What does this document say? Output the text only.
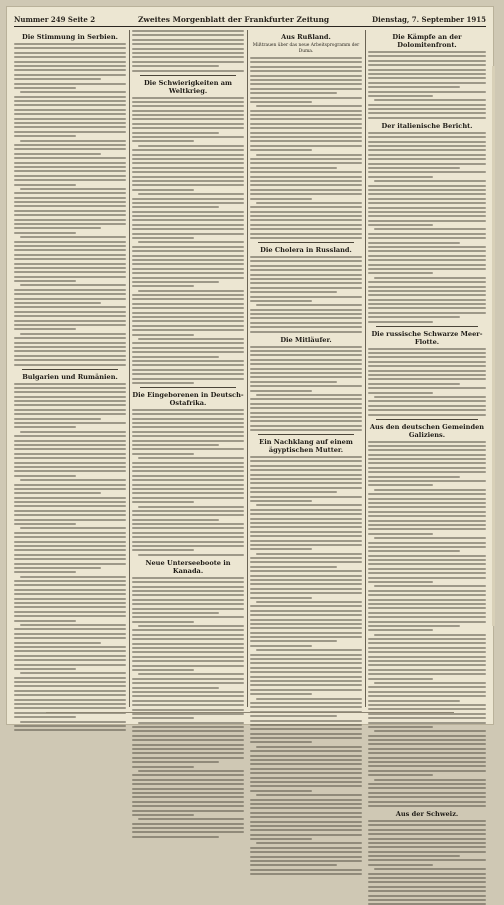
Nummer 249 Seite 2	Zweites Morgenblatt der Frankfurter Zeitung	Dienstag, 7. September 1915
Die Stimmung in Serbien.
Bulgarien und Rumänien.
Die Schwierigkeiten am Weltkrieg.
Die Eingeborenen in Deutsch-Ostafrika.
Neue Unterseeboote in Kanada.
Aus Rußland.
Mißtrauen über das neue Arbeitsprogramm der Duma.
Die Cholera in Russland.
Die Mitläufer.
Ein Nachklang auf einem ägyptischen Mutter.
Die Kämpfe an der Dolomitenfront.
Der italienische Bericht.
Die russische Schwarze Meer-Flotte.
Aus den deutschen Gemeinden Galiziens.
Aus der Schweiz.
